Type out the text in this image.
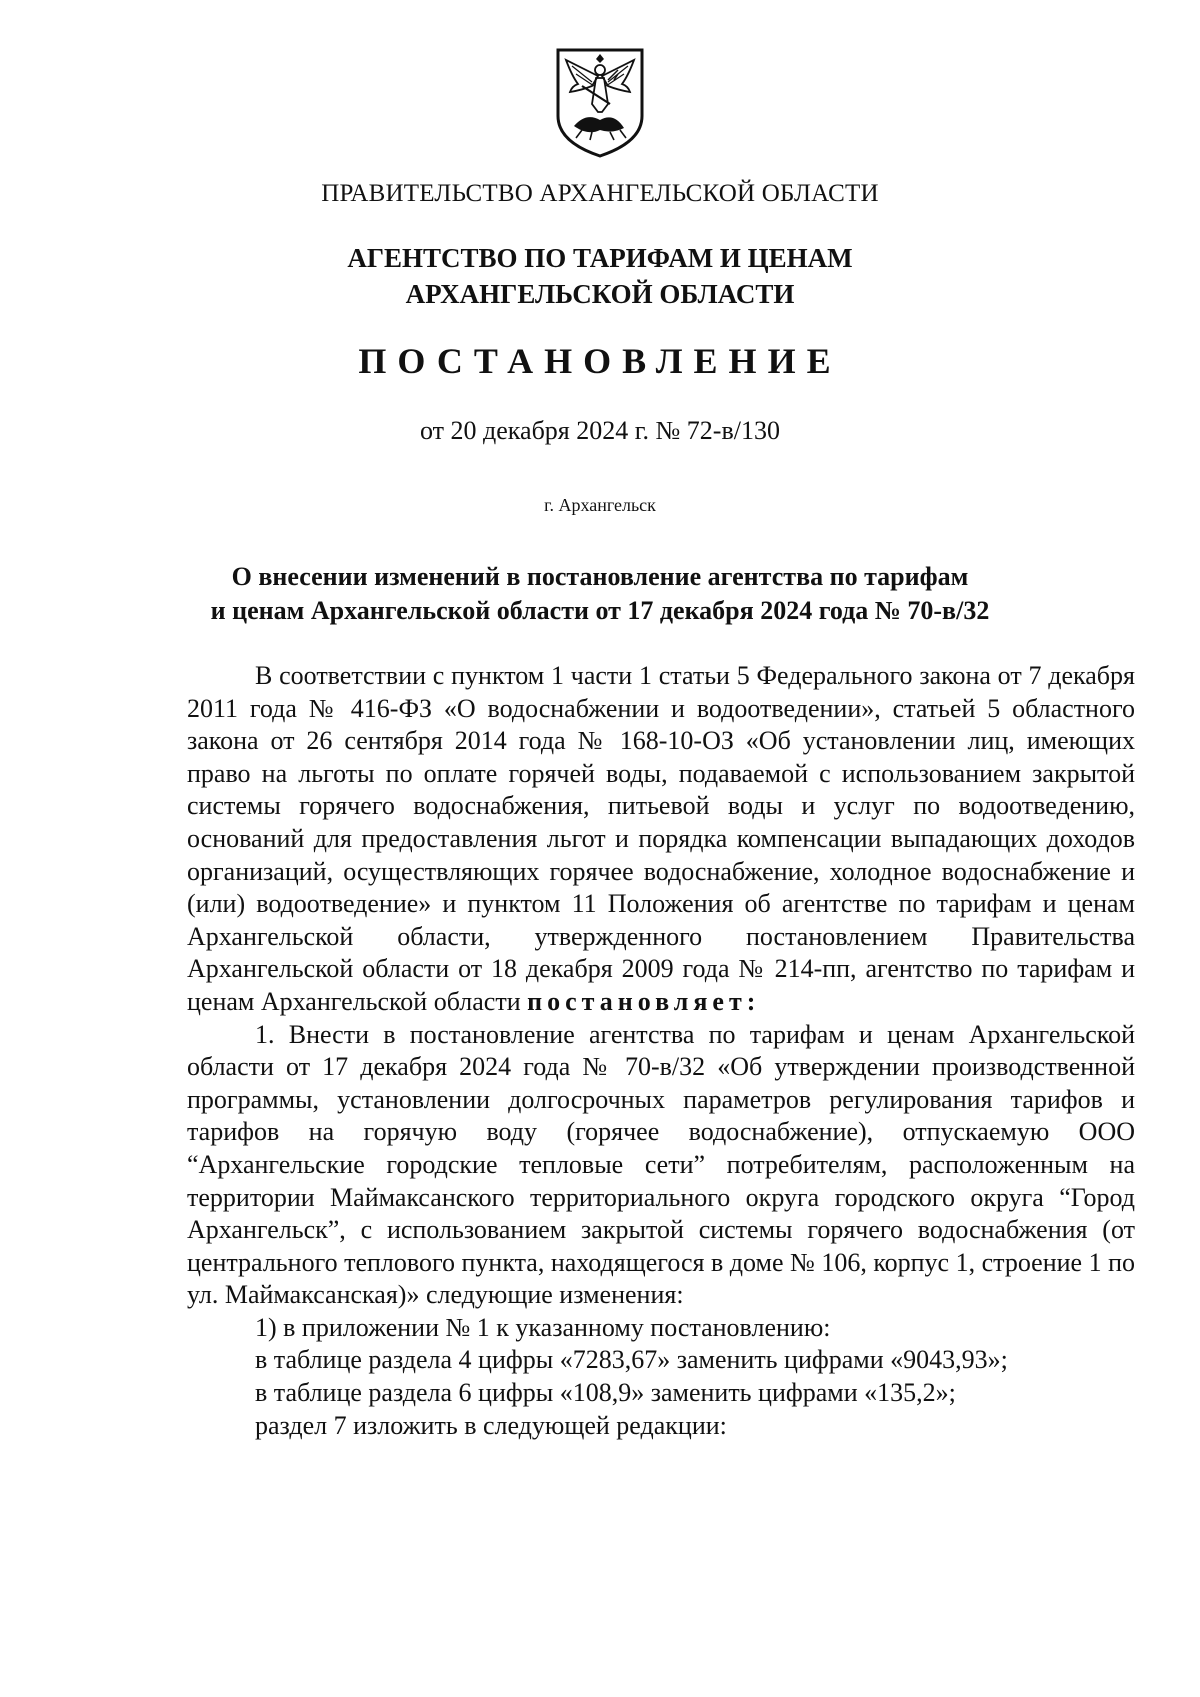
ПРАВИТЕЛЬСТВО АРХАНГЕЛЬСКОЙ ОБЛАСТИ
АГЕНТСТВО ПО ТАРИФАМ И ЦЕНАМ
АРХАНГЕЛЬСКОЙ ОБЛАСТИ
ПОСТАНОВЛЕНИЕ
от 20 декабря 2024 г. № 72-в/130
г. Архангельск
О внесении изменений в постановление агентства по тарифам
и ценам Архангельской области от 17 декабря 2024 года № 70-в/32

В соответствии с пунктом 1 части 1 статьи 5 Федерального закона от 7 декабря 2011 года № 416-ФЗ «О водоснабжении и водоотведении», статьей 5 областного закона от 26 сентября 2014 года № 168-10-ОЗ «Об установлении лиц, имеющих право на льготы по оплате горячей воды, подаваемой с использованием закрытой системы горячего водоснабжения, питьевой воды и услуг по водоотведению, оснований для предоставления льгот и порядка компенсации выпадающих доходов организаций, осуществляющих горячее водоснабжение, холодное водоснабжение и (или) водоотведение» и пунктом 11 Положения об агентстве по тарифам и ценам Архангельской области, утвержденного постановлением Правительства Архангельской области от 18 декабря 2009 года № 214-пп, агентство по тарифам и ценам Архангельской области постановляет:

1. Внести в постановление агентства по тарифам и ценам Архангельской области от 17 декабря 2024 года № 70-в/32 «Об утверждении производственной программы, установлении долгосрочных параметров регулирования тарифов и тарифов на горячую воду (горячее водоснабжение), отпускаемую ООО “Архангельские городские тепловые сети” потребителям, расположенным на территории Маймаксанского территориального округа городского округа “Город Архангельск”, с использованием закрытой системы горячего водоснабжения (от центрального теплового пункта, находящегося в доме № 106, корпус 1, строение 1 по ул. Маймаксанская)» следующие изменения:

1) в приложении № 1 к указанному постановлению:

в таблице раздела 4 цифры «7283,67» заменить цифрами «9043,93»;

в таблице раздела 6 цифры «108,9» заменить цифрами «135,2»;

раздел 7 изложить в следующей редакции:
